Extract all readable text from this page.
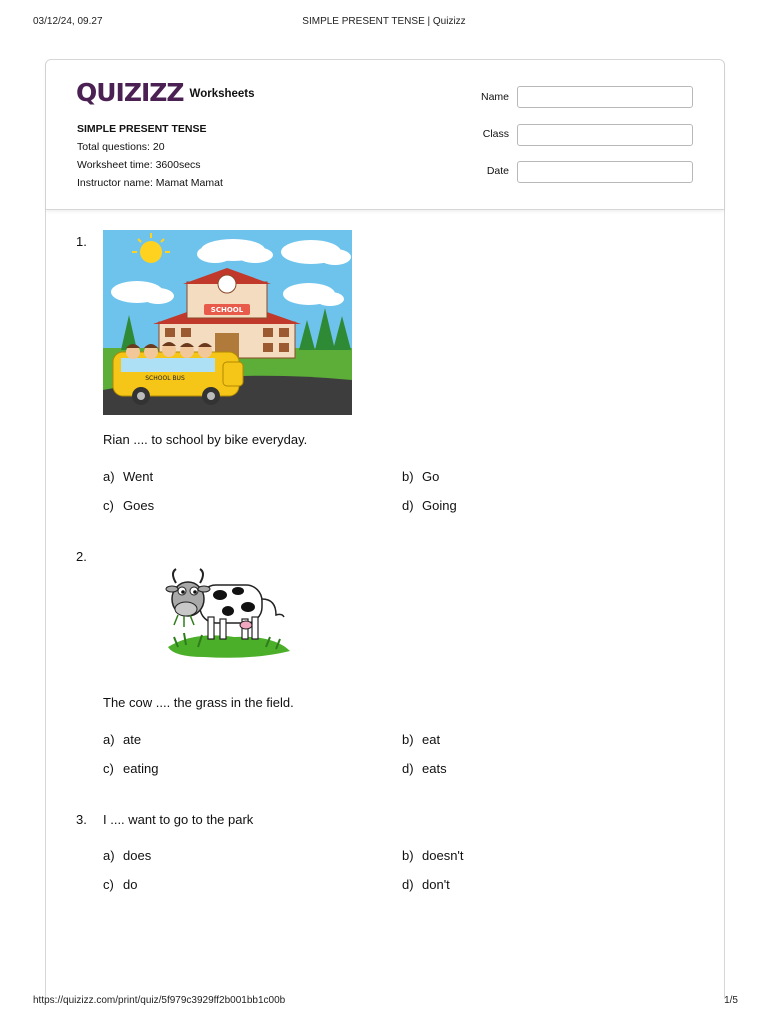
03/12/24, 09.27	SIMPLE PRESENT TENSE | Quizizz
QUIZIZZ Worksheets
SIMPLE PRESENT TENSE
Total questions: 20
Worksheet time: 3600secs
Instructor name: Mamat Mamat
Name
Class
Date
1.
SCHOOL
SCHOOL BUS
Rian .... to school by bike everyday.
a) Went	b) Go
c) Goes	d) Going
2.
The cow .... the grass in the field.
a) ate	b) eat
c) eating	d) eats
3. I .... want to go to the park
a) does	b) doesn't
c) do	d) don't
https://quizizz.com/print/quiz/5f979c3929ff2b001bb1c00b	1/5
